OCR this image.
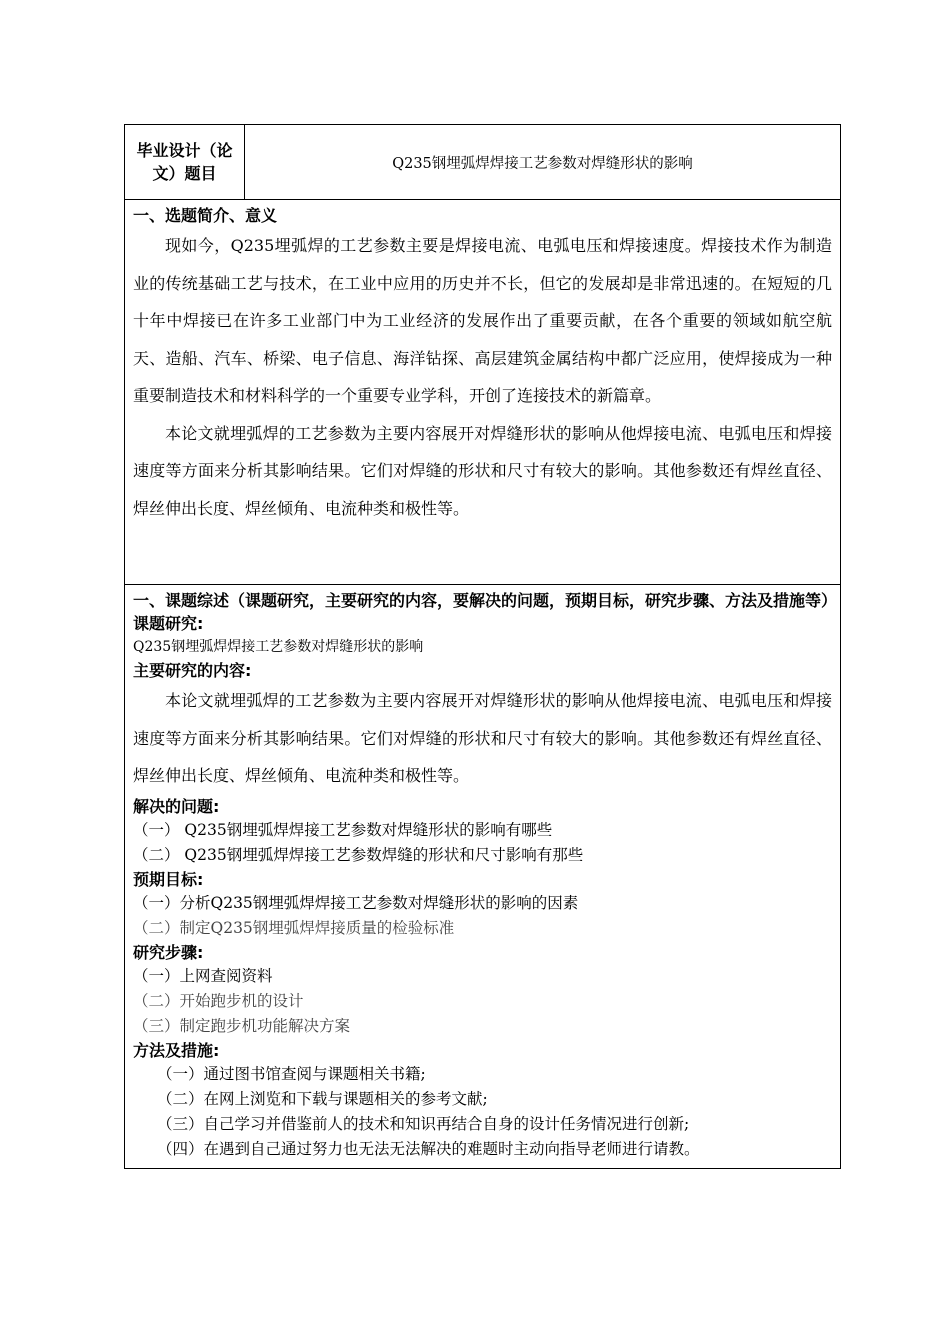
毕业设计（论文）题目	Q235钢埋弧焊焊接工艺参数对焊缝形状的影响

一、选题简介、意义

现如今，Q235埋弧焊的工艺参数主要是焊接电流、电弧电压和焊接速度。焊接技术作为制造业的传统基础工艺与技术，在工业中应用的历史并不长，但它的发展却是非常迅速的。在短短的几十年中焊接已在许多工业部门中为工业经济的发展作出了重要贡献，在各个重要的领域如航空航天、造船、汽车、桥梁、电子信息、海洋钻探、高层建筑金属结构中都广泛应用，使焊接成为一种重要制造技术和材料科学的一个重要专业学科，开创了连接技术的新篇章。

本论文就埋弧焊的工艺参数为主要内容展开对焊缝形状的影响从他焊接电流、电弧电压和焊接速度等方面来分析其影响结果。它们对焊缝的形状和尺寸有较大的影响。其他参数还有焊丝直径、焊丝伸出长度、焊丝倾角、电流种类和极性等。

一、课题综述（课题研究，主要研究的内容，要解决的问题，预期目标，研究步骤、方法及措施等）
课题研究:
Q235钢埋弧焊焊接工艺参数对焊缝形状的影响
主要研究的内容:

本论文就埋弧焊的工艺参数为主要内容展开对焊缝形状的影响从他焊接电流、电弧电压和焊接速度等方面来分析其影响结果。它们对焊缝的形状和尺寸有较大的影响。其他参数还有焊丝直径、焊丝伸出长度、焊丝倾角、电流种类和极性等。

解决的问题:
（一） Q235钢埋弧焊焊接工艺参数对焊缝形状的影响有哪些
（二） Q235钢埋弧焊焊接工艺参数焊缝的形状和尺寸影响有那些
预期目标:
（一）分析Q235钢埋弧焊焊接工艺参数对焊缝形状的影响的因素
（二）制定Q235钢埋弧焊焊接质量的检验标准
研究步骤:
（一）上网查阅资料
（二）开始跑步机的设计
（三）制定跑步机功能解决方案
方法及措施:
（一）通过图书馆查阅与课题相关书籍;
（二）在网上浏览和下载与课题相关的参考文献;
（三）自己学习并借鉴前人的技术和知识再结合自身的设计任务情况进行创新;
（四）在遇到自己通过努力也无法无法解决的难题时主动向指导老师进行请教。
